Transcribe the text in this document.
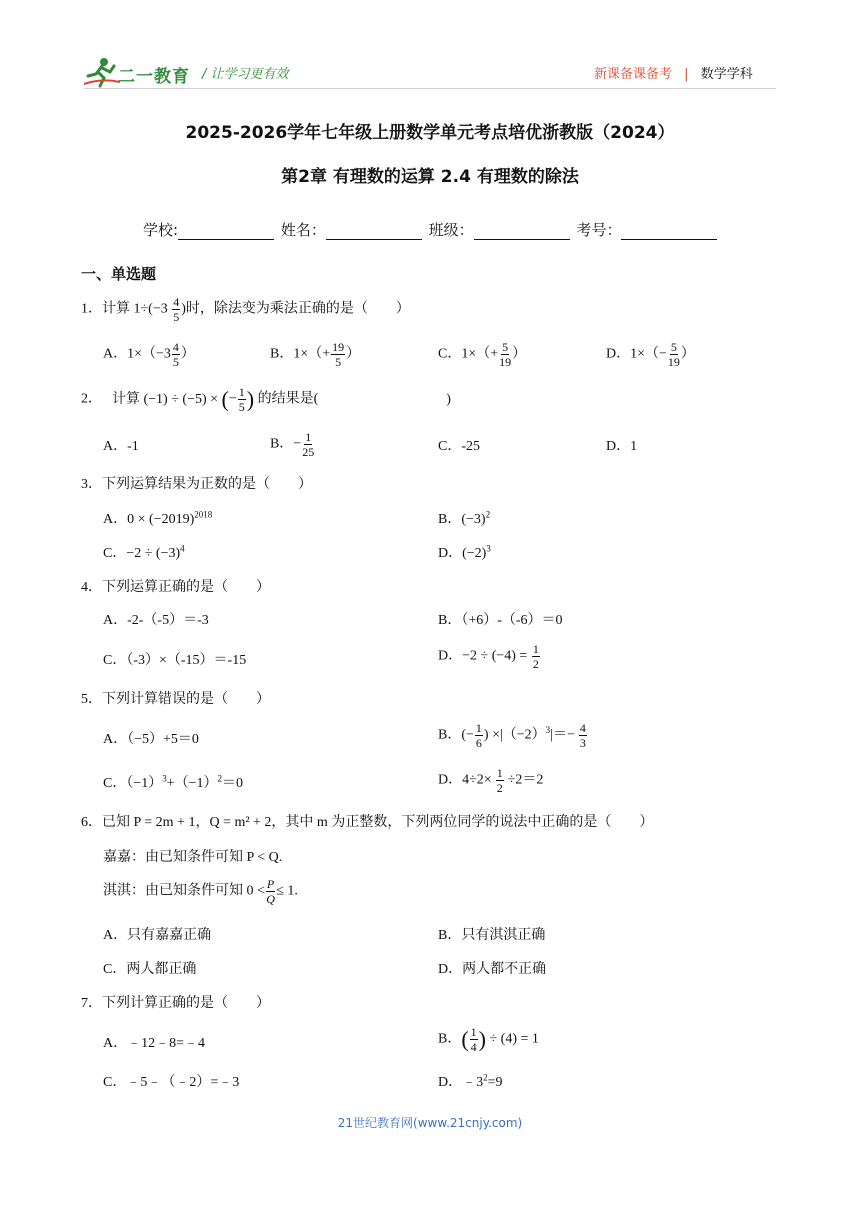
二一教育 / 让学习更有效	新课备课备考 | 数学学科
2025-2026学年七年级上册数学单元考点培优浙教版（2024）
第2章 有理数的运算 2.4 有理数的除法
学校:	姓名：	班级：	考号：
一、单选题
1．计算 $1\div(-3 \frac{4}{5}$ )时，除法变为乘法正确的是（　　）
A．$1\times(-3 \frac{4}{5}$ ）	B．$1\times(+ \frac{19}{5}$ ）	C．$1\times(+ \frac{5}{19}$ ）	D．$1\times(- \frac{5}{19}$ ）
2． 计算 (−1) ÷ (−5) × (− $\frac{1}{5}$ ) 的结果是(	)
A．-1	B．− $\frac{1}{25}$	C．-25	D．1
3．下列运算结果为正数的是（　　）
A．$0 \times (-2019)^{2018}$	B．$(-3)^2$
C．$-2 \div (-3)^4$	D．$(-2)^3$
4．下列运算正确的是（　　）
A．-2-（-5）＝-3	B．（+6）-（-6）＝0
C．（-3）×（-15）＝-15	D．$-2 \div (-4) = \frac{1}{2}$
5．下列计算错误的是（　　）
A．（−5）+5＝0	B．(− $\frac{1}{6}$ ) $\times|(-2)^3|=- \frac{4}{3}$
C．$(-1)^3+(-1)^2=0$	D．$4\div 2\times \frac{1}{2} \div 2=2$
6．已知 P = 2m + 1，Q = m² + 2，其中 m 为正整数，下列两位同学的说法中正确的是（　　）
嘉嘉：由已知条件可知 P < Q.
淇淇：由已知条件可知 $0 < \frac{P}{Q} \le 1$.
A．只有嘉嘉正确	B．只有淇淇正确
C．两人都正确	D．两人都不正确
7．下列计算正确的是（　　）
A．﹣12﹣8=﹣4	B．( $\frac{1}{4}$ ) ÷ (4) = 1
C．﹣5﹣（﹣2）=﹣3	D．$﹣3^2=9$
21世纪教育网(www.21cnjy.com)
